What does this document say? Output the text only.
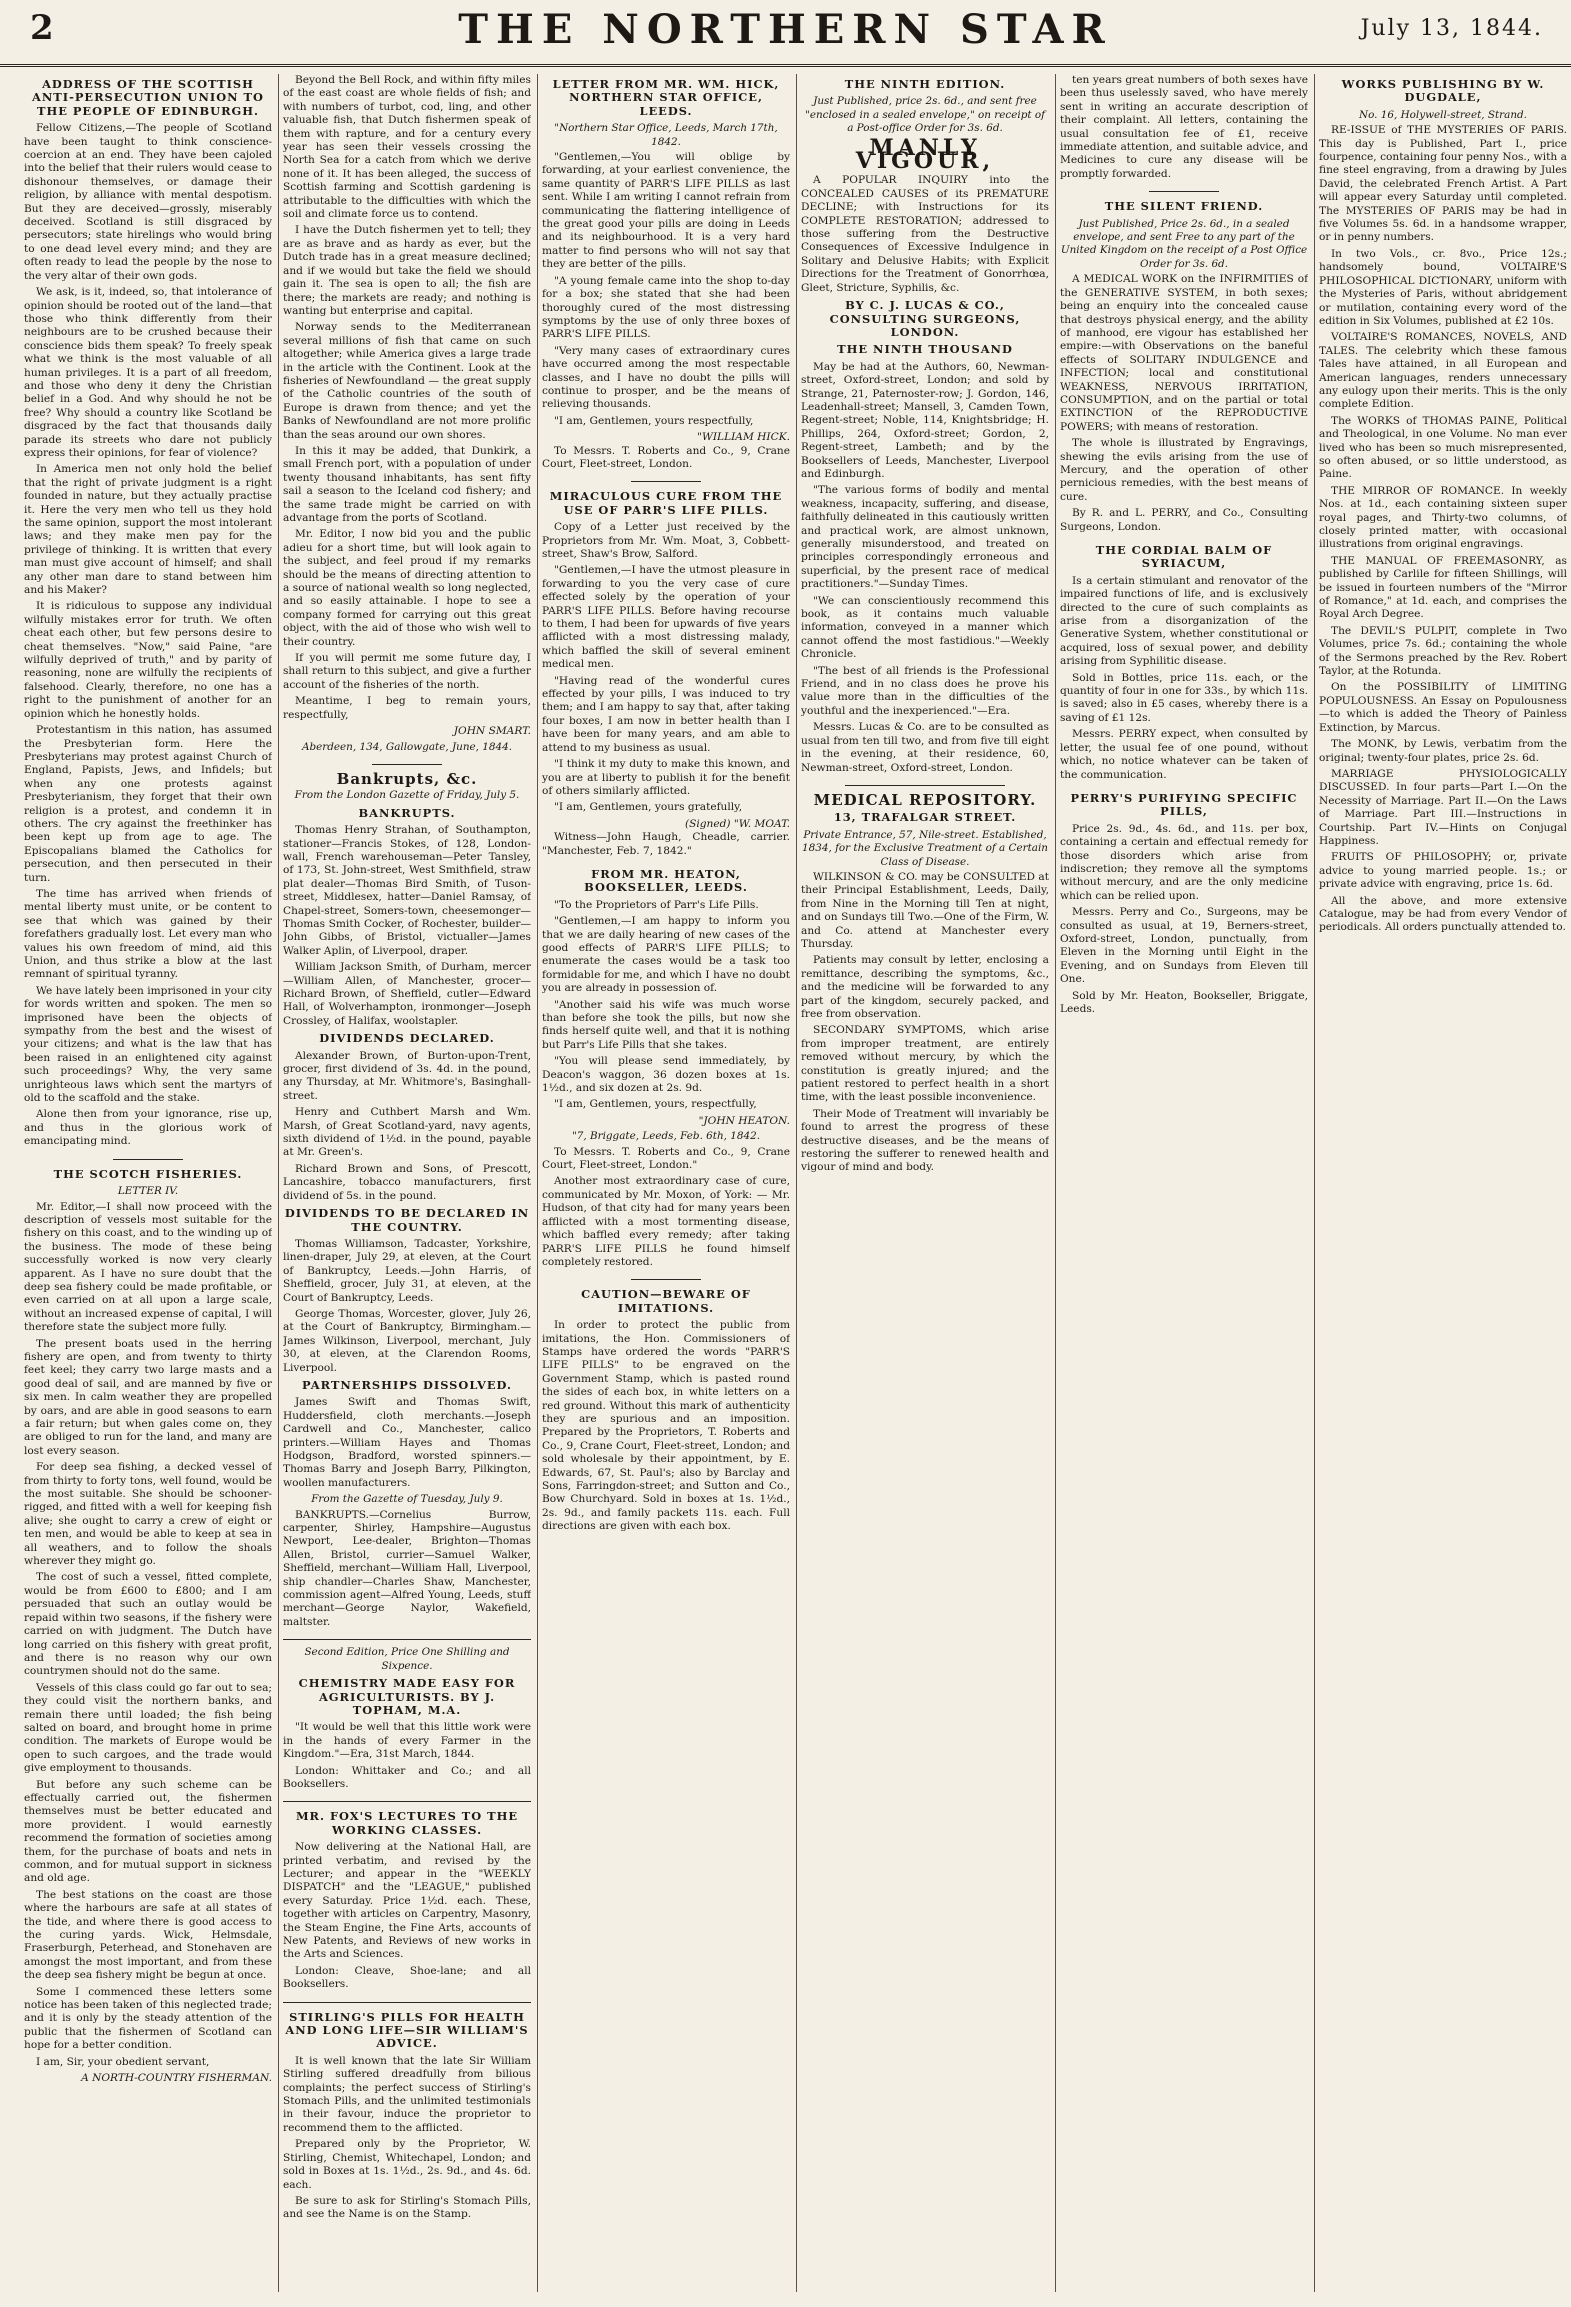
2	THE NORTHERN STAR	July 13, 1844.
ADDRESS OF THE SCOTTISH ANTI-PERSECUTION UNION TO THE PEOPLE OF EDINBURGH.

Fellow Citizens,—The people of Scotland have been taught to think conscience-coercion at an end. They have been cajoled into the belief that their rulers would cease to dishonour themselves, or damage their religion, by alliance with mental despotism. But they are deceived—grossly, miserably deceived. Scotland is still disgraced by persecutors; state hirelings who would bring to one dead level every mind; and they are often ready to lead the people by the nose to the very altar of their own gods.

We ask, is it, indeed, so, that intolerance of opinion should be rooted out of the land—that those who think differently from their neighbours are to be crushed because their conscience bids them speak? To freely speak what we think is the most valuable of all human privileges. It is a part of all freedom, and those who deny it deny the Christian belief in a God. And why should he not be free? Why should a country like Scotland be disgraced by the fact that thousands daily parade its streets who dare not publicly express their opinions, for fear of violence?

In America men not only hold the belief that the right of private judgment is a right founded in nature, but they actually practise it. Here the very men who tell us they hold the same opinion, support the most intolerant laws; and they make men pay for the privilege of thinking. It is written that every man must give account of himself; and shall any other man dare to stand between him and his Maker?

It is ridiculous to suppose any individual wilfully mistakes error for truth. We often cheat each other, but few persons desire to cheat themselves. "Now," said Paine, "are wilfully deprived of truth," and by parity of reasoning, none are wilfully the recipients of falsehood. Clearly, therefore, no one has a right to the punishment of another for an opinion which he honestly holds.

Protestantism in this nation, has assumed the Presbyterian form. Here the Presbyterians may protest against Church of England, Papists, Jews, and Infidels; but when any one protests against Presbyterianism, they forget that their own religion is a protest, and condemn it in others. The cry against the freethinker has been kept up from age to age. The Episcopalians blamed the Catholics for persecution, and then persecuted in their turn.

The time has arrived when friends of mental liberty must unite, or be content to see that which was gained by their forefathers gradually lost. Let every man who values his own freedom of mind, aid this Union, and thus strike a blow at the last remnant of spiritual tyranny.

We have lately been imprisoned in your city for words written and spoken. The men so imprisoned have been the objects of sympathy from the best and the wisest of your citizens; and what is the law that has been raised in an enlightened city against such proceedings? Why, the very same unrighteous laws which sent the martyrs of old to the scaffold and the stake.

Alone then from your ignorance, rise up, and thus in the glorious work of emancipating mind.

THE SCOTCH FISHERIES.
LETTER IV.

Mr. Editor,—I shall now proceed with the description of vessels most suitable for the fishery on this coast, and to the winding up of the business. The mode of these being successfully worked is now very clearly apparent. As I have no sure doubt that the deep sea fishery could be made profitable, or even carried on at all upon a large scale, without an increased expense of capital, I will therefore state the subject more fully.

The present boats used in the herring fishery are open, and from twenty to thirty feet keel; they carry two large masts and a good deal of sail, and are manned by five or six men. In calm weather they are propelled by oars, and are able in good seasons to earn a fair return; but when gales come on, they are obliged to run for the land, and many are lost every season.

For deep sea fishing, a decked vessel of from thirty to forty tons, well found, would be the most suitable. She should be schooner-rigged, and fitted with a well for keeping fish alive; she ought to carry a crew of eight or ten men, and would be able to keep at sea in all weathers, and to follow the shoals wherever they might go.

The cost of such a vessel, fitted complete, would be from £600 to £800; and I am persuaded that such an outlay would be repaid within two seasons, if the fishery were carried on with judgment. The Dutch have long carried on this fishery with great profit, and there is no reason why our own countrymen should not do the same.

Vessels of this class could go far out to sea; they could visit the northern banks, and remain there until loaded; the fish being salted on board, and brought home in prime condition. The markets of Europe would be open to such cargoes, and the trade would give employment to thousands.

But before any such scheme can be effectually carried out, the fishermen themselves must be better educated and more provident. I would earnestly recommend the formation of societies among them, for the purchase of boats and nets in common, and for mutual support in sickness and old age.

The best stations on the coast are those where the harbours are safe at all states of the tide, and where there is good access to the curing yards. Wick, Helmsdale, Fraserburgh, Peterhead, and Stonehaven are amongst the most important, and from these the deep sea fishery might be begun at once.

Some I commenced these letters some notice has been taken of this neglected trade; and it is only by the steady attention of the public that the fishermen of Scotland can hope for a better condition.

I am, Sir, your obedient servant,

A NORTH-COUNTRY FISHERMAN.

Beyond the Bell Rock, and within fifty miles of the east coast are whole fields of fish; and with numbers of turbot, cod, ling, and other valuable fish, that Dutch fishermen speak of them with rapture, and for a century every year has seen their vessels crossing the North Sea for a catch from which we derive none of it. It has been alleged, the success of Scottish farming and Scottish gardening is attributable to the difficulties with which the soil and climate force us to contend.

I have the Dutch fishermen yet to tell; they are as brave and as hardy as ever, but the Dutch trade has in a great measure declined; and if we would but take the field we should gain it. The sea is open to all; the fish are there; the markets are ready; and nothing is wanting but enterprise and capital.

Norway sends to the Mediterranean several millions of fish that came on such altogether; while America gives a large trade in the article with the Continent. Look at the fisheries of Newfoundland — the great supply of the Catholic countries of the south of Europe is drawn from thence; and yet the Banks of Newfoundland are not more prolific than the seas around our own shores.

In this it may be added, that Dunkirk, a small French port, with a population of under twenty thousand inhabitants, has sent fifty sail a season to the Iceland cod fishery; and the same trade might be carried on with advantage from the ports of Scotland.

Mr. Editor, I now bid you and the public adieu for a short time, but will look again to the subject, and feel proud if my remarks should be the means of directing attention to a source of national wealth so long neglected, and so easily attainable. I hope to see a company formed for carrying out this great object, with the aid of those who wish well to their country.

If you will permit me some future day, I shall return to this subject, and give a further account of the fisheries of the north.

Meantime, I beg to remain yours, respectfully,

JOHN SMART.
Aberdeen, 134, Gallowgate, June, 1844.
Bankrupts, &c.
From the London Gazette of Friday, July 5.
BANKRUPTS.

Thomas Henry Strahan, of Southampton, stationer—Francis Stokes, of 128, London-wall, French warehouseman—Peter Tansley, of 173, St. John-street, West Smithfield, straw plat dealer—Thomas Bird Smith, of Tuson-street, Middlesex, hatter—Daniel Ramsay, of Chapel-street, Somers-town, cheesemonger—Thomas Smith Cocker, of Rochester, builder—John Gibbs, of Bristol, victualler—James Walker Aplin, of Liverpool, draper.

William Jackson Smith, of Durham, mercer—William Allen, of Manchester, grocer—Richard Brown, of Sheffield, cutler—Edward Hall, of Wolverhampton, ironmonger—Joseph Crossley, of Halifax, woolstapler.

DIVIDENDS DECLARED.

Alexander Brown, of Burton-upon-Trent, grocer, first dividend of 3s. 4d. in the pound, any Thursday, at Mr. Whitmore's, Basinghall-street.

Henry and Cuthbert Marsh and Wm. Marsh, of Great Scotland-yard, navy agents, sixth dividend of 1½d. in the pound, payable at Mr. Green's.

Richard Brown and Sons, of Prescott, Lancashire, tobacco manufacturers, first dividend of 5s. in the pound.

DIVIDENDS TO BE DECLARED IN THE COUNTRY.

Thomas Williamson, Tadcaster, Yorkshire, linen-draper, July 29, at eleven, at the Court of Bankruptcy, Leeds.—John Harris, of Sheffield, grocer, July 31, at eleven, at the Court of Bankruptcy, Leeds.

George Thomas, Worcester, glover, July 26, at the Court of Bankruptcy, Birmingham.—James Wilkinson, Liverpool, merchant, July 30, at eleven, at the Clarendon Rooms, Liverpool.

PARTNERSHIPS DISSOLVED.

James Swift and Thomas Swift, Huddersfield, cloth merchants.—Joseph Cardwell and Co., Manchester, calico printers.—William Hayes and Thomas Hodgson, Bradford, worsted spinners.—Thomas Barry and Joseph Barry, Pilkington, woollen manufacturers.

From the Gazette of Tuesday, July 9.

BANKRUPTS.—Cornelius Burrow, carpenter, Shirley, Hampshire—Augustus Newport, Lee-dealer, Brighton—Thomas Allen, Bristol, currier—Samuel Walker, Sheffield, merchant—William Hall, Liverpool, ship chandler—Charles Shaw, Manchester, commission agent—Alfred Young, Leeds, stuff merchant—George Naylor, Wakefield, maltster.

Second Edition, Price One Shilling and Sixpence.
CHEMISTRY MADE EASY FOR AGRICULTURISTS. BY J. TOPHAM, M.A.

"It would be well that this little work were in the hands of every Farmer in the Kingdom."—Era, 31st March, 1844.

London: Whittaker and Co.; and all Booksellers.

MR. FOX'S LECTURES TO THE WORKING CLASSES.

Now delivering at the National Hall, are printed verbatim, and revised by the Lecturer; and appear in the "WEEKLY DISPATCH" and the "LEAGUE," published every Saturday. Price 1½d. each. These, together with articles on Carpentry, Masonry, the Steam Engine, the Fine Arts, accounts of New Patents, and Reviews of new works in the Arts and Sciences.

London: Cleave, Shoe-lane; and all Booksellers.

STIRLING'S PILLS FOR HEALTH AND LONG LIFE—SIR WILLIAM'S ADVICE.

It is well known that the late Sir William Stirling suffered dreadfully from bilious complaints; the perfect success of Stirling's Stomach Pills, and the unlimited testimonials in their favour, induce the proprietor to recommend them to the afflicted.

Prepared only by the Proprietor, W. Stirling, Chemist, Whitechapel, London; and sold in Boxes at 1s. 1½d., 2s. 9d., and 4s. 6d. each.

Be sure to ask for Stirling's Stomach Pills, and see the Name is on the Stamp.

LETTER FROM MR. WM. HICK, NORTHERN STAR OFFICE, LEEDS.
"Northern Star Office, Leeds, March 17th, 1842.

"Gentlemen,—You will oblige by forwarding, at your earliest convenience, the same quantity of PARR'S LIFE PILLS as last sent. While I am writing I cannot refrain from communicating the flattering intelligence of the great good your pills are doing in Leeds and its neighbourhood. It is a very hard matter to find persons who will not say that they are better of the pills.

"A young female came into the shop to-day for a box; she stated that she had been thoroughly cured of the most distressing symptoms by the use of only three boxes of PARR'S LIFE PILLS.

"Very many cases of extraordinary cures have occurred among the most respectable classes, and I have no doubt the pills will continue to prosper, and be the means of relieving thousands.

"I am, Gentlemen, yours respectfully,

"WILLIAM HICK.

To Messrs. T. Roberts and Co., 9, Crane Court, Fleet-street, London.

MIRACULOUS CURE FROM THE USE OF PARR'S LIFE PILLS.

Copy of a Letter just received by the Proprietors from Mr. Wm. Moat, 3, Cobbett-street, Shaw's Brow, Salford.

"Gentlemen,—I have the utmost pleasure in forwarding to you the very case of cure effected solely by the operation of your PARR'S LIFE PILLS. Before having recourse to them, I had been for upwards of five years afflicted with a most distressing malady, which baffled the skill of several eminent medical men.

"Having read of the wonderful cures effected by your pills, I was induced to try them; and I am happy to say that, after taking four boxes, I am now in better health than I have been for many years, and am able to attend to my business as usual.

"I think it my duty to make this known, and you are at liberty to publish it for the benefit of others similarly afflicted.

"I am, Gentlemen, yours gratefully,

(Signed) "W. MOAT.

Witness—John Haugh, Cheadle, carrier. "Manchester, Feb. 7, 1842."

FROM MR. HEATON, BOOKSELLER, LEEDS.

"To the Proprietors of Parr's Life Pills.

"Gentlemen,—I am happy to inform you that we are daily hearing of new cases of the good effects of PARR'S LIFE PILLS; to enumerate the cases would be a task too formidable for me, and which I have no doubt you are already in possession of.

"Another said his wife was much worse than before she took the pills, but now she finds herself quite well, and that it is nothing but Parr's Life Pills that she takes.

"You will please send immediately, by Deacon's waggon, 36 dozen boxes at 1s. 1½d., and six dozen at 2s. 9d.

"I am, Gentlemen, yours, respectfully,

"JOHN HEATON.
"7, Briggate, Leeds, Feb. 6th, 1842.

To Messrs. T. Roberts and Co., 9, Crane Court, Fleet-street, London."

Another most extraordinary case of cure, communicated by Mr. Moxon, of York: — Mr. Hudson, of that city had for many years been afflicted with a most tormenting disease, which baffled every remedy; after taking PARR'S LIFE PILLS he found himself completely restored.

CAUTION—BEWARE OF IMITATIONS.

In order to protect the public from imitations, the Hon. Commissioners of Stamps have ordered the words "PARR'S LIFE PILLS" to be engraved on the Government Stamp, which is pasted round the sides of each box, in white letters on a red ground. Without this mark of authenticity they are spurious and an imposition. Prepared by the Proprietors, T. Roberts and Co., 9, Crane Court, Fleet-street, London; and sold wholesale by their appointment, by E. Edwards, 67, St. Paul's; also by Barclay and Sons, Farringdon-street; and Sutton and Co., Bow Churchyard. Sold in boxes at 1s. 1½d., 2s. 9d., and family packets 11s. each. Full directions are given with each box.

THE NINTH EDITION.
Just Published, price 2s. 6d., and sent free "enclosed in a sealed envelope," on receipt of a Post-office Order for 3s. 6d.
MANLY VIGOUR,

A POPULAR INQUIRY into the CONCEALED CAUSES of its PREMATURE DECLINE; with Instructions for its COMPLETE RESTORATION; addressed to those suffering from the Destructive Consequences of Excessive Indulgence in Solitary and Delusive Habits; with Explicit Directions for the Treatment of Gonorrhœa, Gleet, Stricture, Syphilis, &c.

BY C. J. LUCAS & CO., CONSULTING SURGEONS, LONDON.
THE NINTH THOUSAND

May be had at the Authors, 60, Newman-street, Oxford-street, London; and sold by Strange, 21, Paternoster-row; J. Gordon, 146, Leadenhall-street; Mansell, 3, Camden Town, Regent-street; Noble, 114, Knightsbridge; H. Phillips, 264, Oxford-street; Gordon, 2, Regent-street, Lambeth; and by the Booksellers of Leeds, Manchester, Liverpool and Edinburgh.

"The various forms of bodily and mental weakness, incapacity, suffering, and disease, faithfully delineated in this cautiously written and practical work, are almost unknown, generally misunderstood, and treated on principles correspondingly erroneous and superficial, by the present race of medical practitioners."—Sunday Times.

"We can conscientiously recommend this book, as it contains much valuable information, conveyed in a manner which cannot offend the most fastidious."—Weekly Chronicle.

"The best of all friends is the Professional Friend, and in no class does he prove his value more than in the difficulties of the youthful and the inexperienced."—Era.

Messrs. Lucas & Co. are to be consulted as usual from ten till two, and from five till eight in the evening, at their residence, 60, Newman-street, Oxford-street, London.

MEDICAL REPOSITORY.
13, TRAFALGAR STREET.
Private Entrance, 57, Nile-street. Established, 1834, for the Exclusive Treatment of a Certain Class of Disease.

WILKINSON & CO. may be CONSULTED at their Principal Establishment, Leeds, Daily, from Nine in the Morning till Ten at night, and on Sundays till Two.—One of the Firm, W. and Co. attend at Manchester every Thursday.

Patients may consult by letter, enclosing a remittance, describing the symptoms, &c., and the medicine will be forwarded to any part of the kingdom, securely packed, and free from observation.

SECONDARY SYMPTOMS, which arise from improper treatment, are entirely removed without mercury, by which the constitution is greatly injured; and the patient restored to perfect health in a short time, with the least possible inconvenience.

Their Mode of Treatment will invariably be found to arrest the progress of these destructive diseases, and be the means of restoring the sufferer to renewed health and vigour of mind and body.

ten years great numbers of both sexes have been thus uselessly saved, who have merely sent in writing an accurate description of their complaint. All letters, containing the usual consultation fee of £1, receive immediate attention, and suitable advice, and Medicines to cure any disease will be promptly forwarded.

THE SILENT FRIEND.
Just Published, Price 2s. 6d., in a sealed envelope, and sent Free to any part of the United Kingdom on the receipt of a Post Office Order for 3s. 6d.

A MEDICAL WORK on the INFIRMITIES of the GENERATIVE SYSTEM, in both sexes; being an enquiry into the concealed cause that destroys physical energy, and the ability of manhood, ere vigour has established her empire:—with Observations on the baneful effects of SOLITARY INDULGENCE and INFECTION; local and constitutional WEAKNESS, NERVOUS IRRITATION, CONSUMPTION, and on the partial or total EXTINCTION of the REPRODUCTIVE POWERS; with means of restoration.

The whole is illustrated by Engravings, shewing the evils arising from the use of Mercury, and the operation of other pernicious remedies, with the best means of cure.

By R. and L. PERRY, and Co., Consulting Surgeons, London.

THE CORDIAL BALM OF SYRIACUM,

Is a certain stimulant and renovator of the impaired functions of life, and is exclusively directed to the cure of such complaints as arise from a disorganization of the Generative System, whether constitutional or acquired, loss of sexual power, and debility arising from Syphilitic disease.

Sold in Bottles, price 11s. each, or the quantity of four in one for 33s., by which 11s. is saved; also in £5 cases, whereby there is a saving of £1 12s.

Messrs. PERRY expect, when consulted by letter, the usual fee of one pound, without which, no notice whatever can be taken of the communication.

PERRY'S PURIFYING SPECIFIC PILLS,

Price 2s. 9d., 4s. 6d., and 11s. per box, containing a certain and effectual remedy for those disorders which arise from indiscretion; they remove all the symptoms without mercury, and are the only medicine which can be relied upon.

Messrs. Perry and Co., Surgeons, may be consulted as usual, at 19, Berners-street, Oxford-street, London, punctually, from Eleven in the Morning until Eight in the Evening, and on Sundays from Eleven till One.

Sold by Mr. Heaton, Bookseller, Briggate, Leeds.

WORKS PUBLISHING BY W. DUGDALE,
No. 16, Holywell-street, Strand.

RE-ISSUE of THE MYSTERIES OF PARIS. This day is Published, Part I., price fourpence, containing four penny Nos., with a fine steel engraving, from a drawing by Jules David, the celebrated French Artist. A Part will appear every Saturday until completed. The MYSTERIES OF PARIS may be had in five Volumes 5s. 6d. in a handsome wrapper, or in penny numbers.

In two Vols., cr. 8vo., Price 12s.; handsomely bound, VOLTAIRE'S PHILOSOPHICAL DICTIONARY, uniform with the Mysteries of Paris, without abridgement or mutilation, containing every word of the edition in Six Volumes, published at £2 10s.

VOLTAIRE'S ROMANCES, NOVELS, AND TALES. The celebrity which these famous Tales have attained, in all European and American languages, renders unnecessary any eulogy upon their merits. This is the only complete Edition.

The WORKS of THOMAS PAINE, Political and Theological, in one Volume. No man ever lived who has been so much misrepresented, so often abused, or so little understood, as Paine.

THE MIRROR OF ROMANCE. In weekly Nos. at 1d., each containing sixteen super royal pages, and Thirty-two columns, of closely printed matter, with occasional illustrations from original engravings.

THE MANUAL OF FREEMASONRY, as published by Carlile for fifteen Shillings, will be issued in fourteen numbers of the "Mirror of Romance," at 1d. each, and comprises the Royal Arch Degree.

The DEVIL'S PULPIT, complete in Two Volumes, price 7s. 6d.; containing the whole of the Sermons preached by the Rev. Robert Taylor, at the Rotunda.

On the POSSIBILITY of LIMITING POPULOUSNESS. An Essay on Populousness—to which is added the Theory of Painless Extinction, by Marcus.

The MONK, by Lewis, verbatim from the original; twenty-four plates, price 2s. 6d.

MARRIAGE PHYSIOLOGICALLY DISCUSSED. In four parts—Part I.—On the Necessity of Marriage. Part II.—On the Laws of Marriage. Part III.—Instructions in Courtship. Part IV.—Hints on Conjugal Happiness.

FRUITS OF PHILOSOPHY; or, private advice to young married people. 1s.; or private advice with engraving, price 1s. 6d.

All the above, and more extensive Catalogue, may be had from every Vendor of periodicals. All orders punctually attended to.
